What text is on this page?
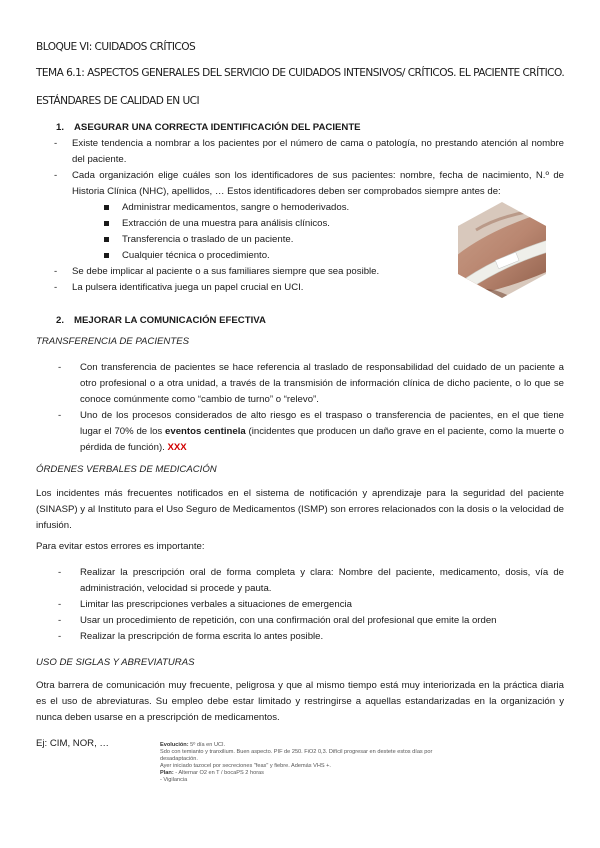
BLOQUE VI: CUIDADOS CRÍTICOS
TEMA 6.1: ASPECTOS GENERALES DEL SERVICIO DE CUIDADOS INTENSIVOS/ CRÍTICOS. EL PACIENTE CRÍTICO.
ESTÁNDARES DE CALIDAD EN UCI
1. ASEGURAR UNA CORRECTA IDENTIFICACIÓN DEL PACIENTE
- Existe tendencia a nombrar a los pacientes por el número de cama o patología, no prestando atención al nombre del paciente.
- Cada organización elige cuáles son los identificadores de sus pacientes: nombre, fecha de nacimiento, N.º de Historia Clínica (NHC), apellidos, … Estos identificadores deben ser comprobados siempre antes de:
Administrar medicamentos, sangre o hemoderivados.
Extracción de una muestra para análisis clínicos.
Transferencia o traslado de un paciente.
Cualquier técnica o procedimiento.
- Se debe implicar al paciente o a sus familiares siempre que sea posible.
- La pulsera identificativa juega un papel crucial en UCI.
2. MEJORAR LA COMUNICACIÓN EFECTIVA
TRANSFERENCIA DE PACIENTES
- Con transferencia de pacientes se hace referencia al traslado de responsabilidad del cuidado de un paciente a otro profesional o a otra unidad, a través de la transmisión de información clínica de dicho paciente, o lo que se conoce comúnmente como “cambio de turno” o “relevo”.
- Uno de los procesos considerados de alto riesgo es el traspaso o transferencia de pacientes, en el que tiene lugar el 70% de los eventos centinela (incidentes que producen un daño grave en el paciente, como la muerte o pérdida de función). XXX
ÓRDENES VERBALES DE MEDICACIÓN

Los incidentes más frecuentes notificados en el sistema de notificación y aprendizaje para la seguridad del paciente (SINASP) y al Instituto para el Uso Seguro de Medicamentos (ISMP) son errores relacionados con la dosis o la velocidad de infusión.

Para evitar estos errores es importante:

- Realizar la prescripción oral de forma completa y clara: Nombre del paciente, medicamento, dosis, vía de administración, velocidad si procede y pauta.
- Limitar las prescripciones verbales a situaciones de emergencia
- Usar un procedimiento de repetición, con una confirmación oral del profesional que emite la orden
- Realizar la prescripción de forma escrita lo antes posible.
USO DE SIGLAS Y ABREVIATURAS

Otra barrera de comunicación muy frecuente, peligrosa y que al mismo tiempo está muy interiorizada en la práctica diaria es el uso de abreviaturas. Su empleo debe estar limitado y restringirse a aquellas estandarizadas en la organización y nunca deben usarse en a prescripción de medicamentos.

Ej: CIM, NOR, …	Evolución: 5º día en UCI.
Sdo con temianto y tranxilium. Buen aspecto. PIF de 250. FiO2 0,3. Difícil progresar en destete estos días por desadaptación.
Ayer iniciado tazocel por secreciones "feas" y fiebre. Además VHS +.
Plan: - Alternar O2 en T / bocaPS 2 horas
- Vigilancia
